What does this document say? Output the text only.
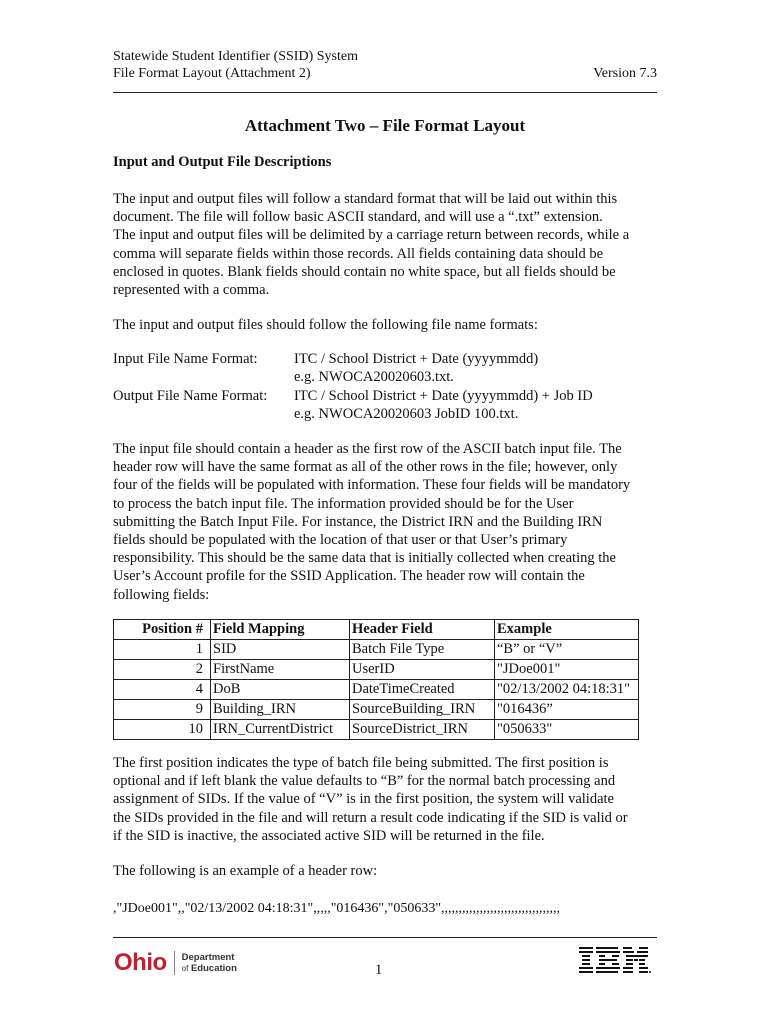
Statewide Student Identifier (SSID) System
File Format Layout (Attachment 2)	Version 7.3
Attachment Two – File Format Layout
Input and Output File Descriptions
The input and output files will follow a standard format that will be laid out within this
document. The file will follow basic ASCII standard, and will use a “.txt” extension.
The input and output files will be delimited by a carriage return between records, while a
comma will separate fields within those records. All fields containing data should be
enclosed in quotes. Blank fields should contain no white space, but all fields should be
represented with a comma.
The input and output files should follow the following file name formats:
Input File Name Format:	ITC / School District + Date (yyyymmdd)
e.g. NWOCA20020603.txt.
Output File Name Format:	ITC / School District + Date (yyyymmdd) + Job ID
e.g. NWOCA20020603 JobID 100.txt.
The input file should contain a header as the first row of the ASCII batch input file. The
header row will have the same format as all of the other rows in the file; however, only
four of the fields will be populated with information. These four fields will be mandatory
to process the batch input file. The information provided should be for the User
submitting the Batch Input File. For instance, the District IRN and the Building IRN
fields should be populated with the location of that user or that User’s primary
responsibility. This should be the same data that is initially collected when creating the
User’s Account profile for the SSID Application. The header row will contain the
following fields:
Position #	Field Mapping	Header Field	Example
1	SID	Batch File Type	“B” or “V”
2	FirstName	UserID	"JDoe001"
4	DoB	DateTimeCreated	"02/13/2002 04:18:31"
9	Building_IRN	SourceBuilding_IRN	"016436”
10	IRN_CurrentDistrict	SourceDistrict_IRN	"050633"
The first position indicates the type of batch file being submitted. The first position is
optional and if left blank the value defaults to “B” for the normal batch processing and
assignment of SIDs. If the value of “V” is in the first position, the system will validate
the SIDs provided in the file and will return a result code indicating if the SID is valid or
if the SID is inactive, the associated active SID will be returned in the file.
The following is an example of a header row:
,"JDoe001",,"02/13/2002 04:18:31",,,,,"016436","050633",,,,,,,,,,,,,,,,,,,,,,,,,,,,,,,,,,
Ohio Department
of Education	1
